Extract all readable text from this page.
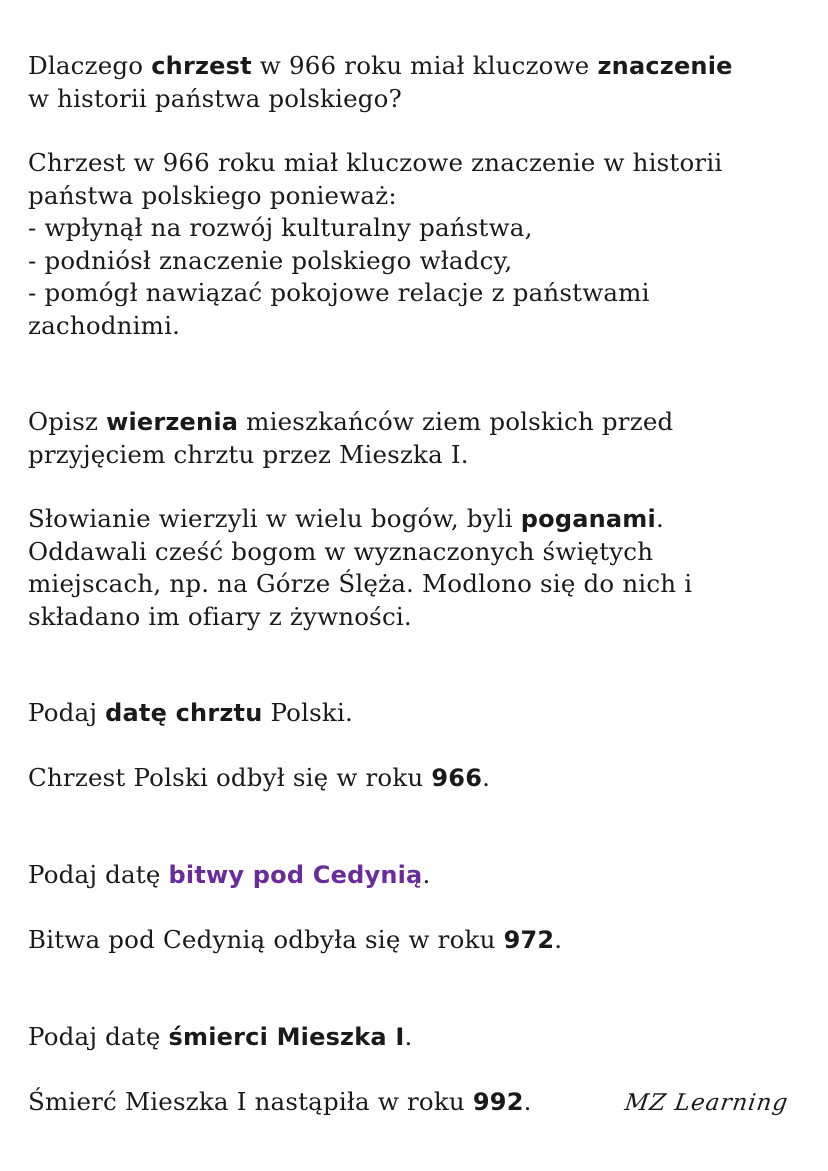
Dlaczego chrzest w 966 roku miał kluczowe znaczenie
w historii państwa polskiego?

Chrzest w 966 roku miał kluczowe znaczenie w historii
państwa polskiego ponieważ:
- wpłynął na rozwój kulturalny państwa,
- podniósł znaczenie polskiego władcy,
- pomógł nawiązać pokojowe relacje z państwami
zachodnimi.

Opisz wierzenia mieszkańców ziem polskich przed
przyjęciem chrztu przez Mieszka I.

Słowianie wierzyli w wielu bogów, byli poganami.
Oddawali cześć bogom w wyznaczonych świętych
miejscach, np. na Górze Ślęża. Modlono się do nich i
składano im ofiary z żywności.

Podaj datę chrztu Polski.

Chrzest Polski odbył się w roku 966.

Podaj datę bitwy pod Cedynią.

Bitwa pod Cedynią odbyła się w roku 972.

Podaj datę śmierci Mieszka I.

Śmierć Mieszka I nastąpiła w roku 992.	MZ Learning
